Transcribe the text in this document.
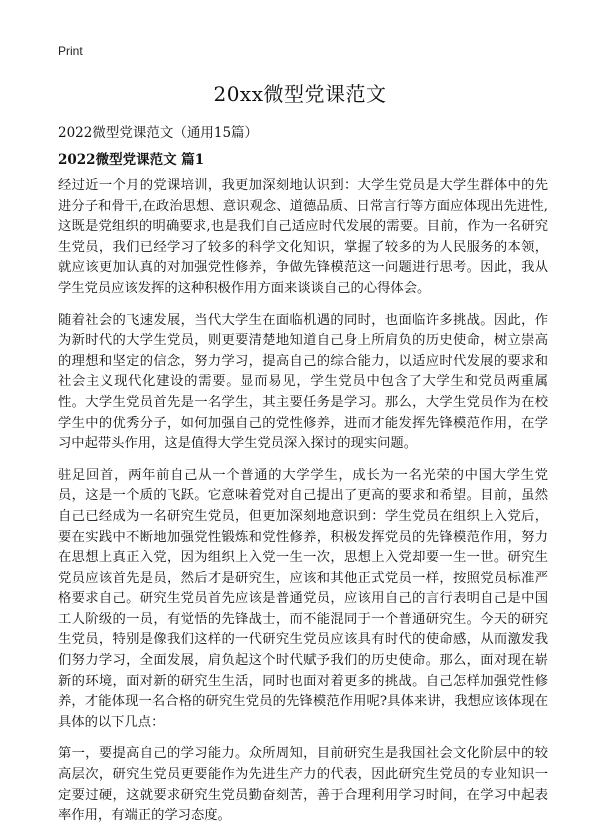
Print
20xx微型党课范文
2022微型党课范文（通用15篇）
2022微型党课范文 篇1

经过近一个月的党课培训，我更加深刻地认识到：大学生党员是大学生群体中的先进分子和骨干,在政治思想、意识观念、道德品质、日常言行等方面应体现出先进性,这既是党组织的明确要求,也是我们自己适应时代发展的需要。目前，作为一名研究生党员，我们已经学习了较多的科学文化知识，掌握了较多的为人民服务的本领，就应该更加认真的对加强党性修养，争做先锋模范这一问题进行思考。因此，我从学生党员应该发挥的这种积极作用方面来谈谈自己的心得体会。

随着社会的飞速发展，当代大学生在面临机遇的同时，也面临许多挑战。因此，作为新时代的大学生党员，则更要清楚地知道自己身上所肩负的历史使命，树立崇高的理想和坚定的信念，努力学习，提高自己的综合能力，以适应时代发展的要求和社会主义现代化建设的需要。显而易见，学生党员中包含了大学生和党员两重属性。大学生党员首先是一名学生，其主要任务是学习。那么，大学生党员作为在校学生中的优秀分子，如何加强自己的党性修养，进而才能发挥先锋模范作用，在学习中起带头作用，这是值得大学生党员深入探讨的现实问题。

驻足回首，两年前自己从一个普通的大学学生，成长为一名光荣的中国大学生党员，这是一个质的飞跃。它意味着党对自己提出了更高的要求和希望。目前，虽然自己已经成为一名研究生党员，但更加深刻地意识到：学生党员在组织上入党后，要在实践中不断地加强党性锻炼和党性修养，积极发挥党员的先锋模范作用，努力在思想上真正入党，因为组织上入党一生一次，思想上入党却要一生一世。研究生党员应该首先是员，然后才是研究生，应该和其他正式党员一样，按照党员标准严格要求自己。研究生党员首先应该是普通党员，应该用自己的言行表明自己是中国工人阶级的一员，有觉悟的先锋战士，而不能混同于一个普通研究生。今天的研究生党员，特别是像我们这样的一代研究生党员应该具有时代的使命感，从而激发我们努力学习，全面发展，肩负起这个时代赋予我们的历史使命。那么，面对现在崭新的环境，面对新的研究生生活，同时也面对着更多的挑战。自己怎样加强党性修养，才能体现一名合格的研究生党员的先锋模范作用呢?具体来讲，我想应该体现在具体的以下几点：

第一，要提高自己的学习能力。众所周知，目前研究生是我国社会文化阶层中的较高层次，研究生党员更要能作为先进生产力的代表，因此研究生党员的专业知识一定要过硬，这就要求研究生党员勤奋刻苦，善于合理利用学习时间，在学习中起表率作用，有端正的学习态度。
